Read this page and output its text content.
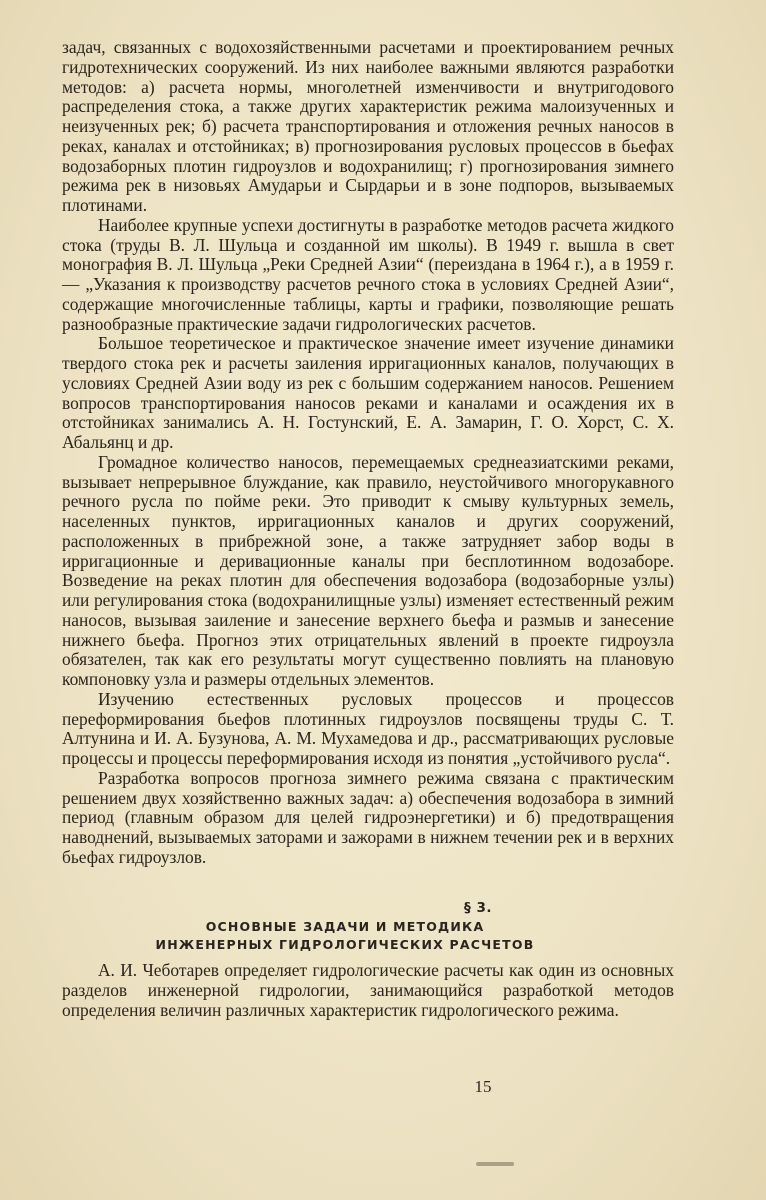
задач, связанных с водохозяйственными расчетами и проектированием речных гидротехнических сооружений. Из них наиболее важными являются разработки методов: а) расчета нормы, многолетней изменчивости и внутригодового распределения стока, а также других характеристик режима малоизученных и неизученных рек; б) расчета транспортирования и отложения речных наносов в реках, каналах и отстойниках; в) прогнозирования русловых процессов в бьефах водозаборных плотин гидроузлов и водохранилищ; г) прогнозирования зимнего режима рек в низовьях Амударьи и Сырдарьи и в зоне подпоров, вызываемых плотинами.

Наиболее крупные успехи достигнуты в разработке методов расчета жидкого стока (труды В. Л. Шульца и созданной им школы). В 1949 г. вышла в свет монография В. Л. Шульца „Реки Средней Азии“ (переиздана в 1964 г.), а в 1959 г. — „Указания к производству расчетов речного стока в условиях Средней Азии“, содержащие многочисленные таблицы, карты и графики, позволяющие решать разнообразные практические задачи гидрологических расчетов.

Большое теоретическое и практическое значение имеет изучение динамики твердого стока рек и расчеты заиления ирригационных каналов, получающих в условиях Средней Азии воду из рек с большим содержанием наносов. Решением вопросов транспортирования наносов реками и каналами и осаждения их в отстойниках занимались А. Н. Гостунский, Е. А. Замарин, Г. О. Хорст, С. Х. Абальянц и др.

Громадное количество наносов, перемещаемых среднеазиатскими реками, вызывает непрерывное блуждание, как правило, неустойчивого многорукавного речного русла по пойме реки. Это приводит к смыву культурных земель, населенных пунктов, ирригационных каналов и других сооружений, расположенных в прибрежной зоне, а также затрудняет забор воды в ирригационные и деривационные каналы при бесплотинном водозаборе. Возведение на реках плотин для обеспечения водозабора (водозаборные узлы) или регулирования стока (водохранилищные узлы) изменяет естественный режим наносов, вызывая заиление и занесение верхнего бьефа и размыв и занесение нижнего бьефа. Прогноз этих отрицательных явлений в проекте гидроузла обязателен, так как его результаты могут существенно повлиять на плановую компоновку узла и размеры отдельных элементов.

Изучению естественных русловых процессов и процессов переформирования бьефов плотинных гидроузлов посвящены труды С. Т. Алтунина и И. А. Бузунова, А. М. Мухамедова и др., рассматривающих русловые процессы и процессы переформирования исходя из понятия „устойчивого русла“.

Разработка вопросов прогноза зимнего режима связана с практическим решением двух хозяйственно важных задач: а) обеспечения водозабора в зимний период (главным образом для целей гидроэнергетики) и б) предотвращения наводнений, вызываемых заторами и зажорами в нижнем течении рек и в верхних бьефах гидроузлов.

§ 3.
ОСНОВНЫЕ ЗАДАЧИ И МЕТОДИКА
ИНЖЕНЕРНЫХ ГИДРОЛОГИЧЕСКИХ РАСЧЕТОВ

А. И. Чеботарев определяет гидрологические расчеты как один из основных разделов инженерной гидрологии, занимающийся разработкой методов определения величин различных характеристик гидрологического режима.

15
